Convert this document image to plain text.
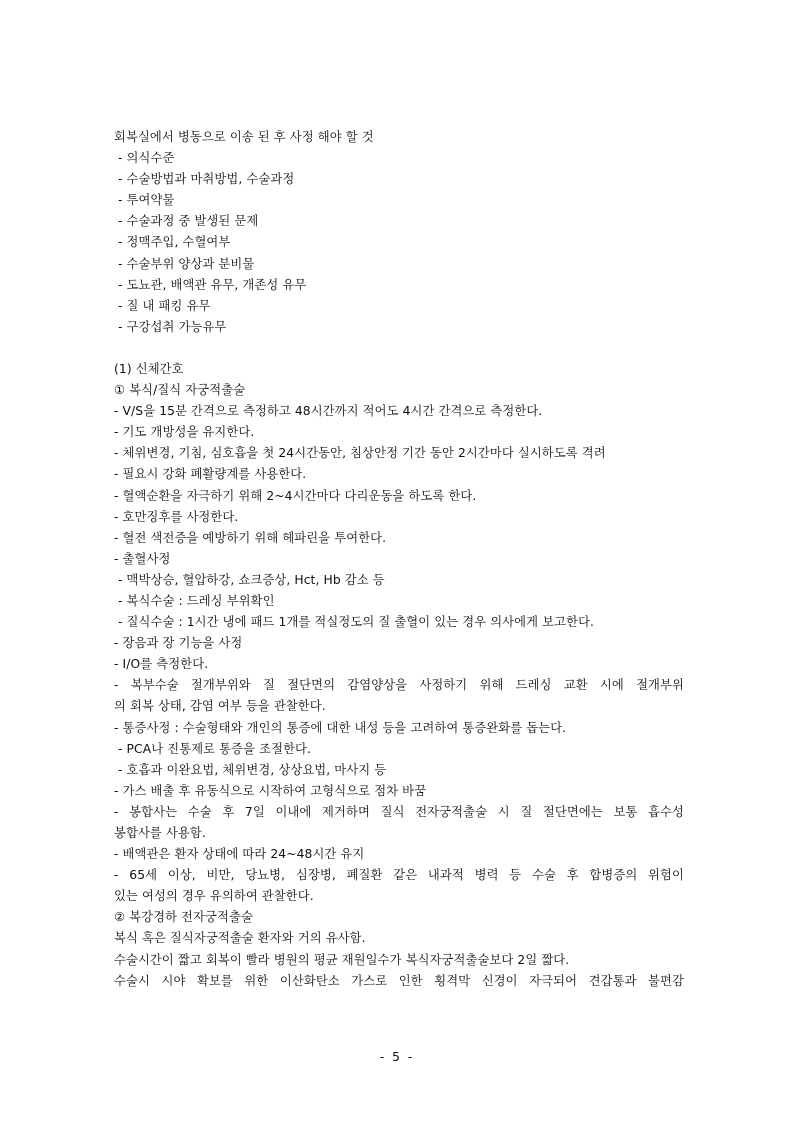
회복실에서 병동으로 이송 된 후 사정 해야 할 것
- 의식수준
- 수술방법과 마취방법, 수술과정
- 투여약물
- 수술과정 중 발생된 문제
- 정맥주입, 수혈여부
- 수술부위 양상과 분비물
- 도뇨관, 배액관 유무, 개존성 유무
- 질 내 패킹 유무
- 구강섭취 가능유무
(1) 신체간호
① 복식/질식 자궁적출술
- V/S을 15분 간격으로 측정하고 48시간까지 적어도 4시간 간격으로 측정한다.
- 기도 개방성을 유지한다.
- 체위변경, 기침, 심호흡을 첫 24시간동안, 침상안정 기간 동안 2시간마다 실시하도록 격려
- 필요시 강화 폐활량계를 사용한다.
- 혈액순환을 자극하기 위해 2~4시간마다 다리운동을 하도록 한다.
- 호만징후를 사정한다.
- 혈전 색전증을 예방하기 위해 헤파린을 투여한다.
- 출혈사정
- 맥박상승, 혈압하강, 쇼크증상, Hct, Hb 감소 등
- 복식수술 : 드레싱 부위확인
- 질식수술 : 1시간 냉에 패드 1개를 적실정도의 질 출혈이 있는 경우 의사에게 보고한다.
- 장음과 장 기능을 사정
- I/O를 측정한다.
- 복부수술 절개부위와 질 절단면의 감염양상을 사정하기 위해 드레싱 교환 시에 절개부위
의 회복 상태, 감염 여부 등을 관찰한다.
- 통증사정 : 수술형태와 개인의 통증에 대한 내성 등을 고려하여 통증완화를 돕는다.
- PCA나 진통제로 통증을 조절한다.
- 호흡과 이완요법, 체위변경, 상상요법, 마사지 등
- 가스 배출 후 유동식으로 시작하여 고형식으로 점차 바꿈
- 봉합사는 수술 후 7일 이내에 제거하며 질식 전자궁적출술 시 질 절단면에는 보통 흡수성
봉합사를 사용함.
- 배액관은 환자 상태에 따라 24~48시간 유지
- 65세 이상, 비만, 당뇨병, 심장병, 폐질환 같은 내과적 병력 등 수술 후 합병증의 위험이
있는 여성의 경우 유의하여 관찰한다.
② 복강경하 전자궁적출술
복식 혹은 질식자궁적출술 환자와 거의 유사함.
수술시간이 짧고 회복이 빨라 병원의 평균 재원일수가 복식자궁적출술보다 2일 짧다.
수술시 시야 확보를 위한 이산화탄소 가스로 인한 횡격막 신경이 자극되어 견갑통과 불편감
- 5 -
